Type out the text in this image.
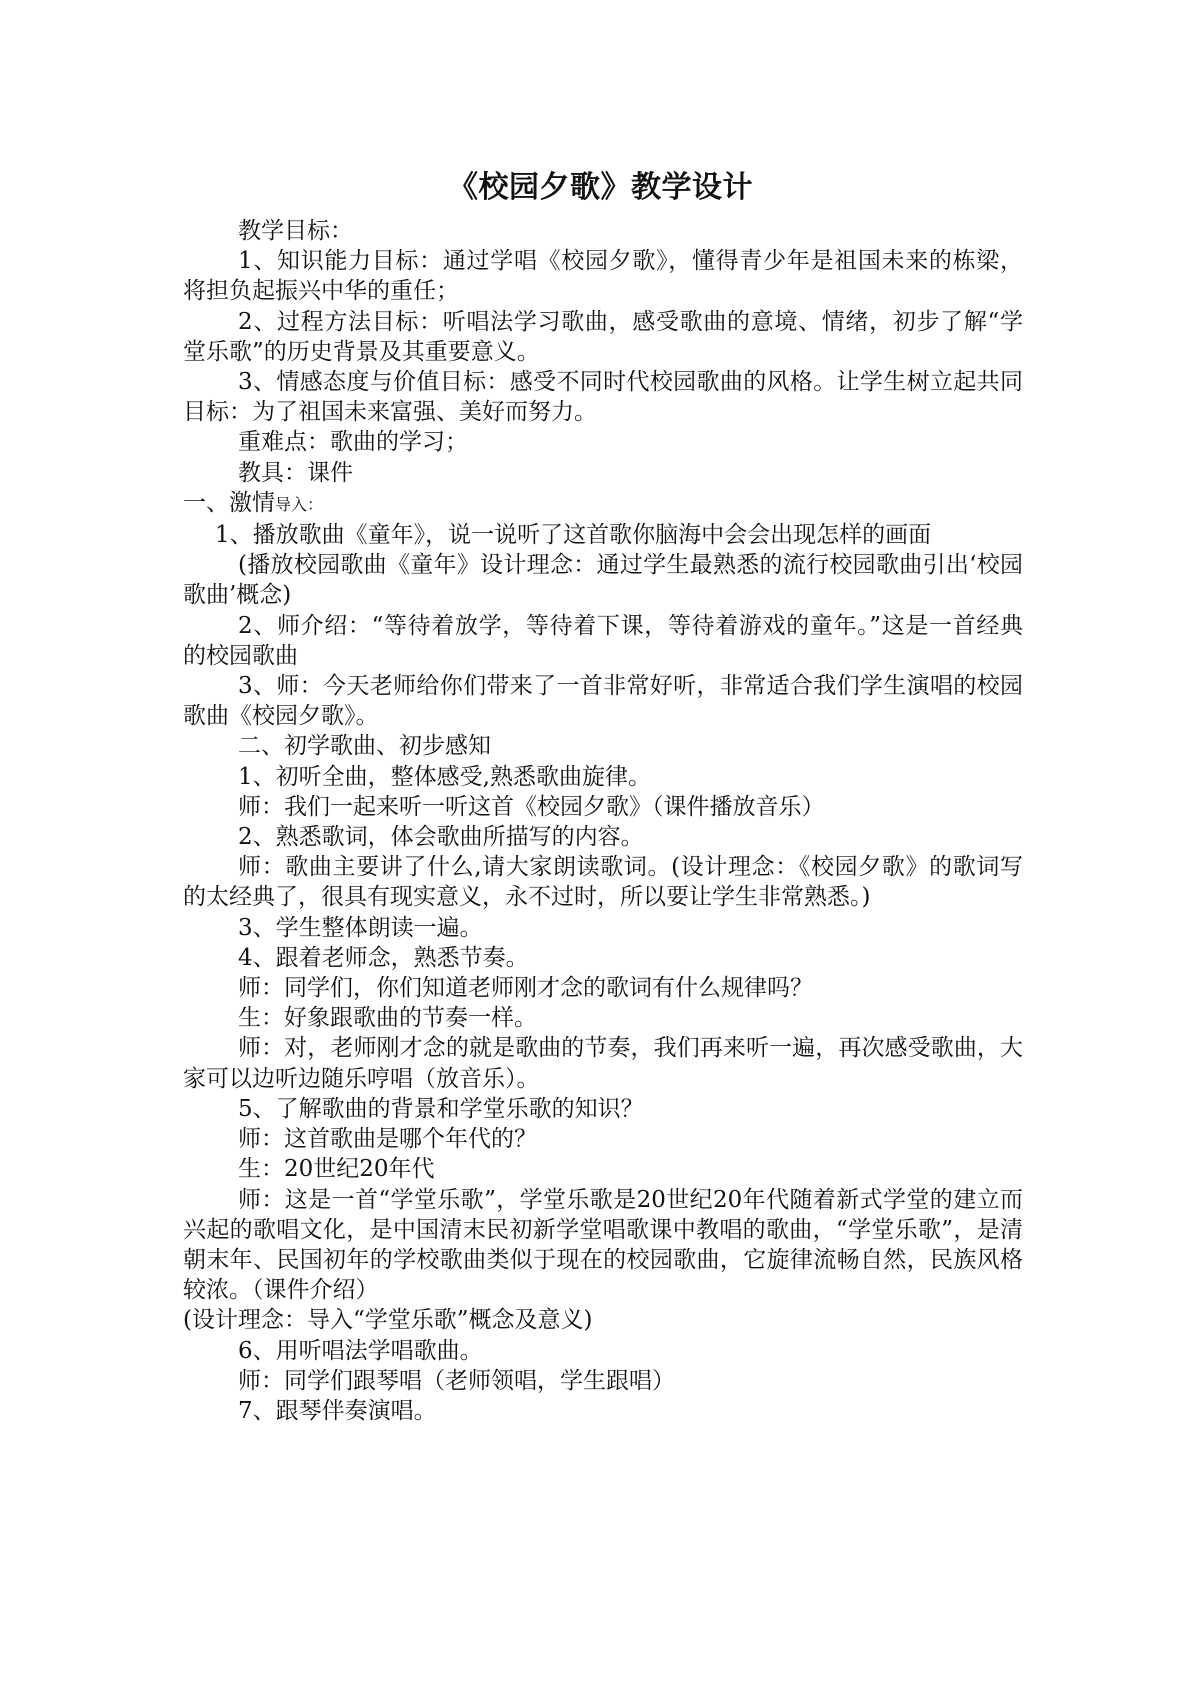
《校园夕歌》教学设计

教学目标：

1、知识能力目标：通过学唱《校园夕歌》，懂得青少年是祖国未来的栋梁，将担负起振兴中华的重任；

2、过程方法目标：听唱法学习歌曲，感受歌曲的意境、情绪，初步了解“学堂乐歌”的历史背景及其重要意义。

3、情感态度与价值目标：感受不同时代校园歌曲的风格。让学生树立起共同目标：为了祖国未来富强、美好而努力。

重难点：歌曲的学习；

教具：课件

一、激情导入：

1、播放歌曲《童年》，说一说听了这首歌你脑海中会会出现怎样的画面

(播放校园歌曲《童年》设计理念：通过学生最熟悉的流行校园歌曲引出‘校园歌曲’概念)

2、师介绍：“等待着放学，等待着下课，等待着游戏的童年。”这是一首经典的校园歌曲

3、师：今天老师给你们带来了一首非常好听，非常适合我们学生演唱的校园歌曲《校园夕歌》。

二、初学歌曲、初步感知

1、初听全曲，整体感受,熟悉歌曲旋律。

师：我们一起来听一听这首《校园夕歌》（课件播放音乐）

2、熟悉歌词，体会歌曲所描写的内容。

师：歌曲主要讲了什么,请大家朗读歌词。(设计理念：《校园夕歌》的歌词写的太经典了，很具有现实意义，永不过时，所以要让学生非常熟悉。)

3、学生整体朗读一遍。

4、跟着老师念，熟悉节奏。

师：同学们，你们知道老师刚才念的歌词有什么规律吗？

生：好象跟歌曲的节奏一样。

师：对，老师刚才念的就是歌曲的节奏，我们再来听一遍，再次感受歌曲，大家可以边听边随乐哼唱（放音乐）。

5、了解歌曲的背景和学堂乐歌的知识？

师：这首歌曲是哪个年代的？

生：20世纪20年代

师：这是一首“学堂乐歌”，学堂乐歌是20世纪20年代随着新式学堂的建立而兴起的歌唱文化，是中国清末民初新学堂唱歌课中教唱的歌曲，“学堂乐歌”，是清朝末年、民国初年的学校歌曲类似于现在的校园歌曲，它旋律流畅自然，民族风格较浓。（课件介绍）

(设计理念：导入“学堂乐歌”概念及意义)

6、用听唱法学唱歌曲。

师：同学们跟琴唱（老师领唱，学生跟唱）

7、跟琴伴奏演唱。
